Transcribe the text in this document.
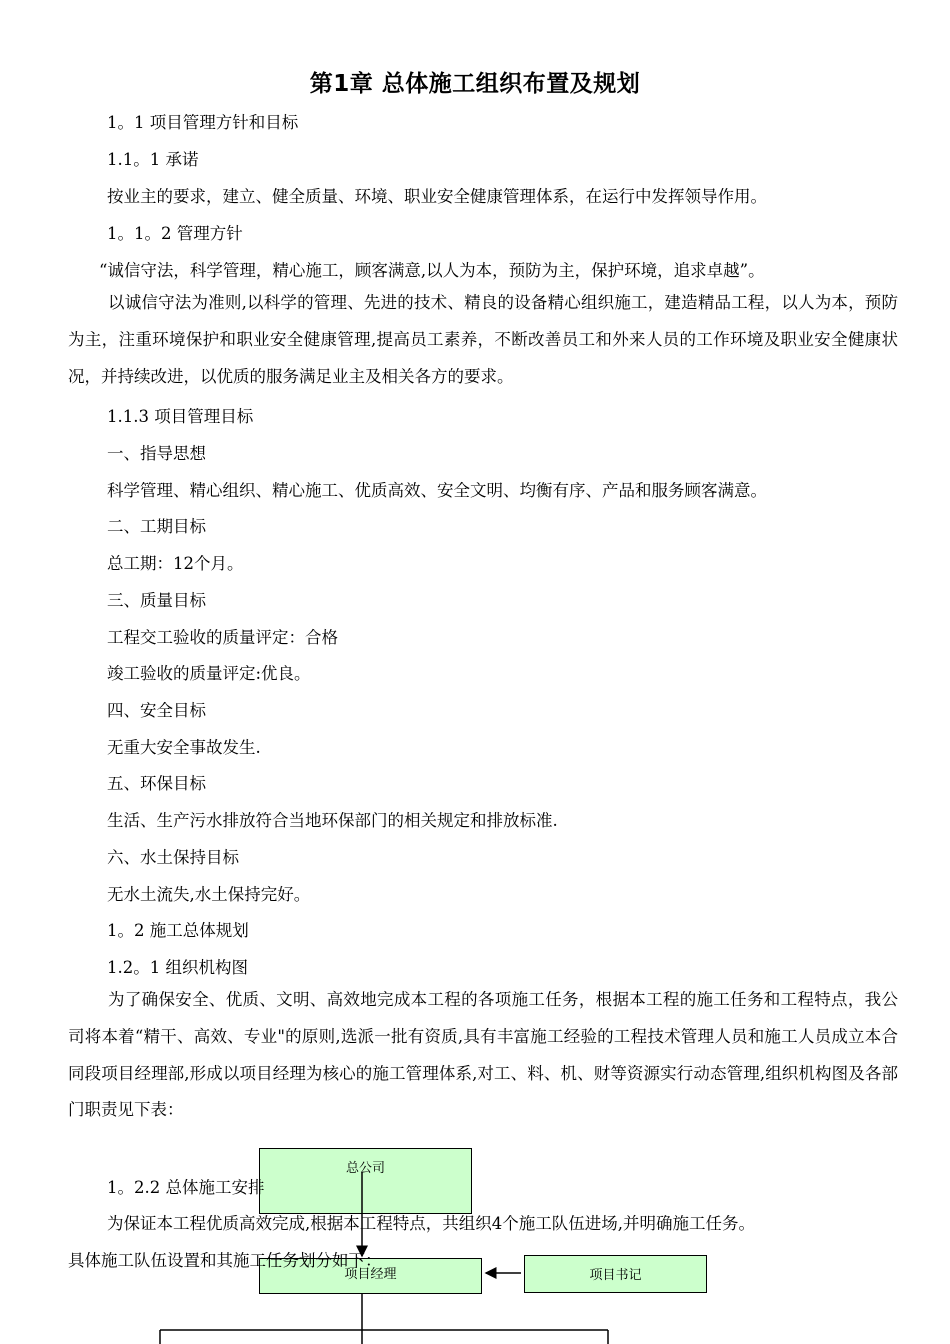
第1章 总体施工组织布置及规划
1。1 项目管理方针和目标
1.1。1 承诺
按业主的要求，建立、健全质量、环境、职业安全健康管理体系，在运行中发挥领导作用。
1。1。2 管理方针
“诚信守法，科学管理，精心施工，顾客满意,以人为本，预防为主，保护环境，追求卓越”。
以诚信守法为准则,以科学的管理、先进的技术、精良的设备精心组织施工，建造精品工程，以人为本，预防为主，注重环境保护和职业安全健康管理,提高员工素养，不断改善员工和外来人员的工作环境及职业安全健康状况，并持续改进，以优质的服务满足业主及相关各方的要求。
1.1.3 项目管理目标
一、指导思想
科学管理、精心组织、精心施工、优质高效、安全文明、均衡有序、产品和服务顾客满意。
二、工期目标
总工期：12个月。
三、质量目标
工程交工验收的质量评定：合格
竣工验收的质量评定:优良。
四、安全目标
无重大安全事故发生.
五、环保目标
生活、生产污水排放符合当地环保部门的相关规定和排放标准.
六、水土保持目标
无水土流失,水土保持完好。
1。2 施工总体规划
1.2。1 组织机构图
为了确保安全、优质、文明、高效地完成本工程的各项施工任务，根据本工程的施工任务和工程特点，我公司将本着“精干、高效、专业"的原则,选派一批有资质,具有丰富施工经验的工程技术管理人员和施工人员成立本合同段项目经理部,形成以项目经理为核心的施工管理体系,对工、料、机、财等资源实行动态管理,组织机构图及各部门职责见下表：
总公司
项目经理	项目书记
1。2.2 总体施工安排
为保证本工程优质高效完成,根据本工程特点，共组织4个施工队伍进场,并明确施工任务。
具体施工队伍设置和其施工任务划分如下：
